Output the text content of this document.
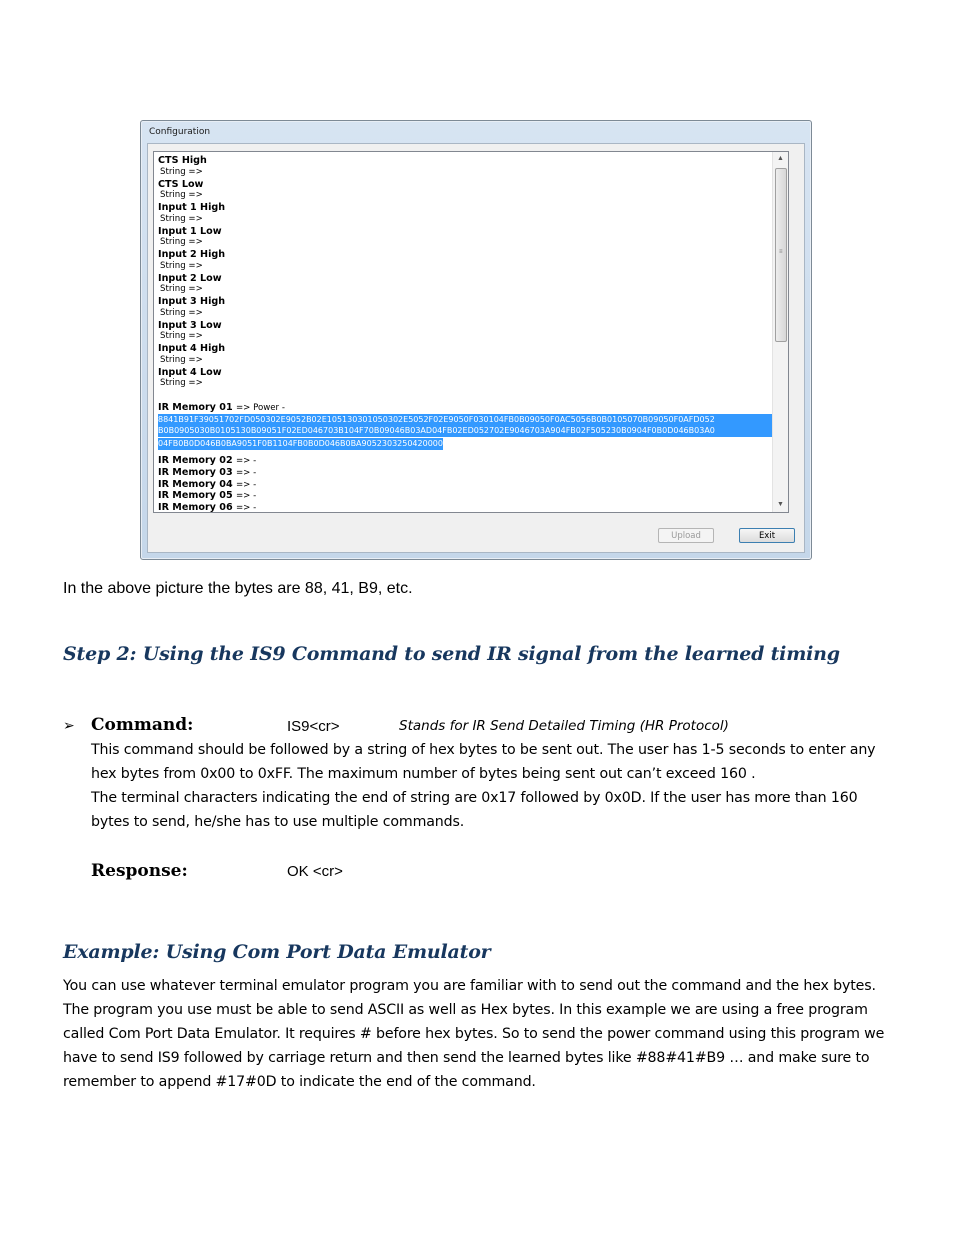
Configuration
CTS High
String =>
CTS Low
String =>
Input 1 High
String =>
Input 1 Low
String =>
Input 2 High
String =>
Input 2 Low
String =>
Input 3 High
String =>
Input 3 Low
String =>
Input 4 High
String =>
Input 4 Low
String =>
IR Memory 01 => Power -
8841B91F39051702FD050302E9052B02E105130301050302E5052F02E9050F030104FB0B09050F0AC5056B0B0105070B09050F0AFD052
B0B0905030B0105130B09051F02ED046703B104F70B09046B03AD04FB02ED052702E9046703A904FB02F505230B0904F0B0D046B03A0
04FB0B0D046B0BA9051F0B1104FB0B0D046B0BA9052303250420000
IR Memory 02 => -
IR Memory 03 => -
IR Memory 04 => -
IR Memory 05 => -
IR Memory 06 => -
▲
≡
▼
Upload	Exit
In the above picture the bytes are 88, 41, B9, etc.
Step 2: Using the IS9 Command to send IR signal from the learned timing
➢ Command:	IS9<cr>	Stands for IR Send Detailed Timing (HR Protocol)
This command should be followed by a string of hex bytes to be sent out. The user has 1-5 seconds to enter any
hex bytes from 0x00 to 0xFF. The maximum number of bytes being sent out can’t exceed 160 .
The terminal characters indicating the end of string are 0x17 followed by 0x0D. If the user has more than 160
bytes to send, he/she has to use multiple commands.
Response:	OK <cr>
Example: Using Com Port Data Emulator
You can use whatever terminal emulator program you are familiar with to send out the command and the hex bytes.
The program you use must be able to send ASCII as well as Hex bytes. In this example we are using a free program
called Com Port Data Emulator. It requires # before hex bytes. So to send the power command using this program we
have to send IS9 followed by carriage return and then send the learned bytes like #88#41#B9 … and make sure to
remember to append #17#0D to indicate the end of the command.
